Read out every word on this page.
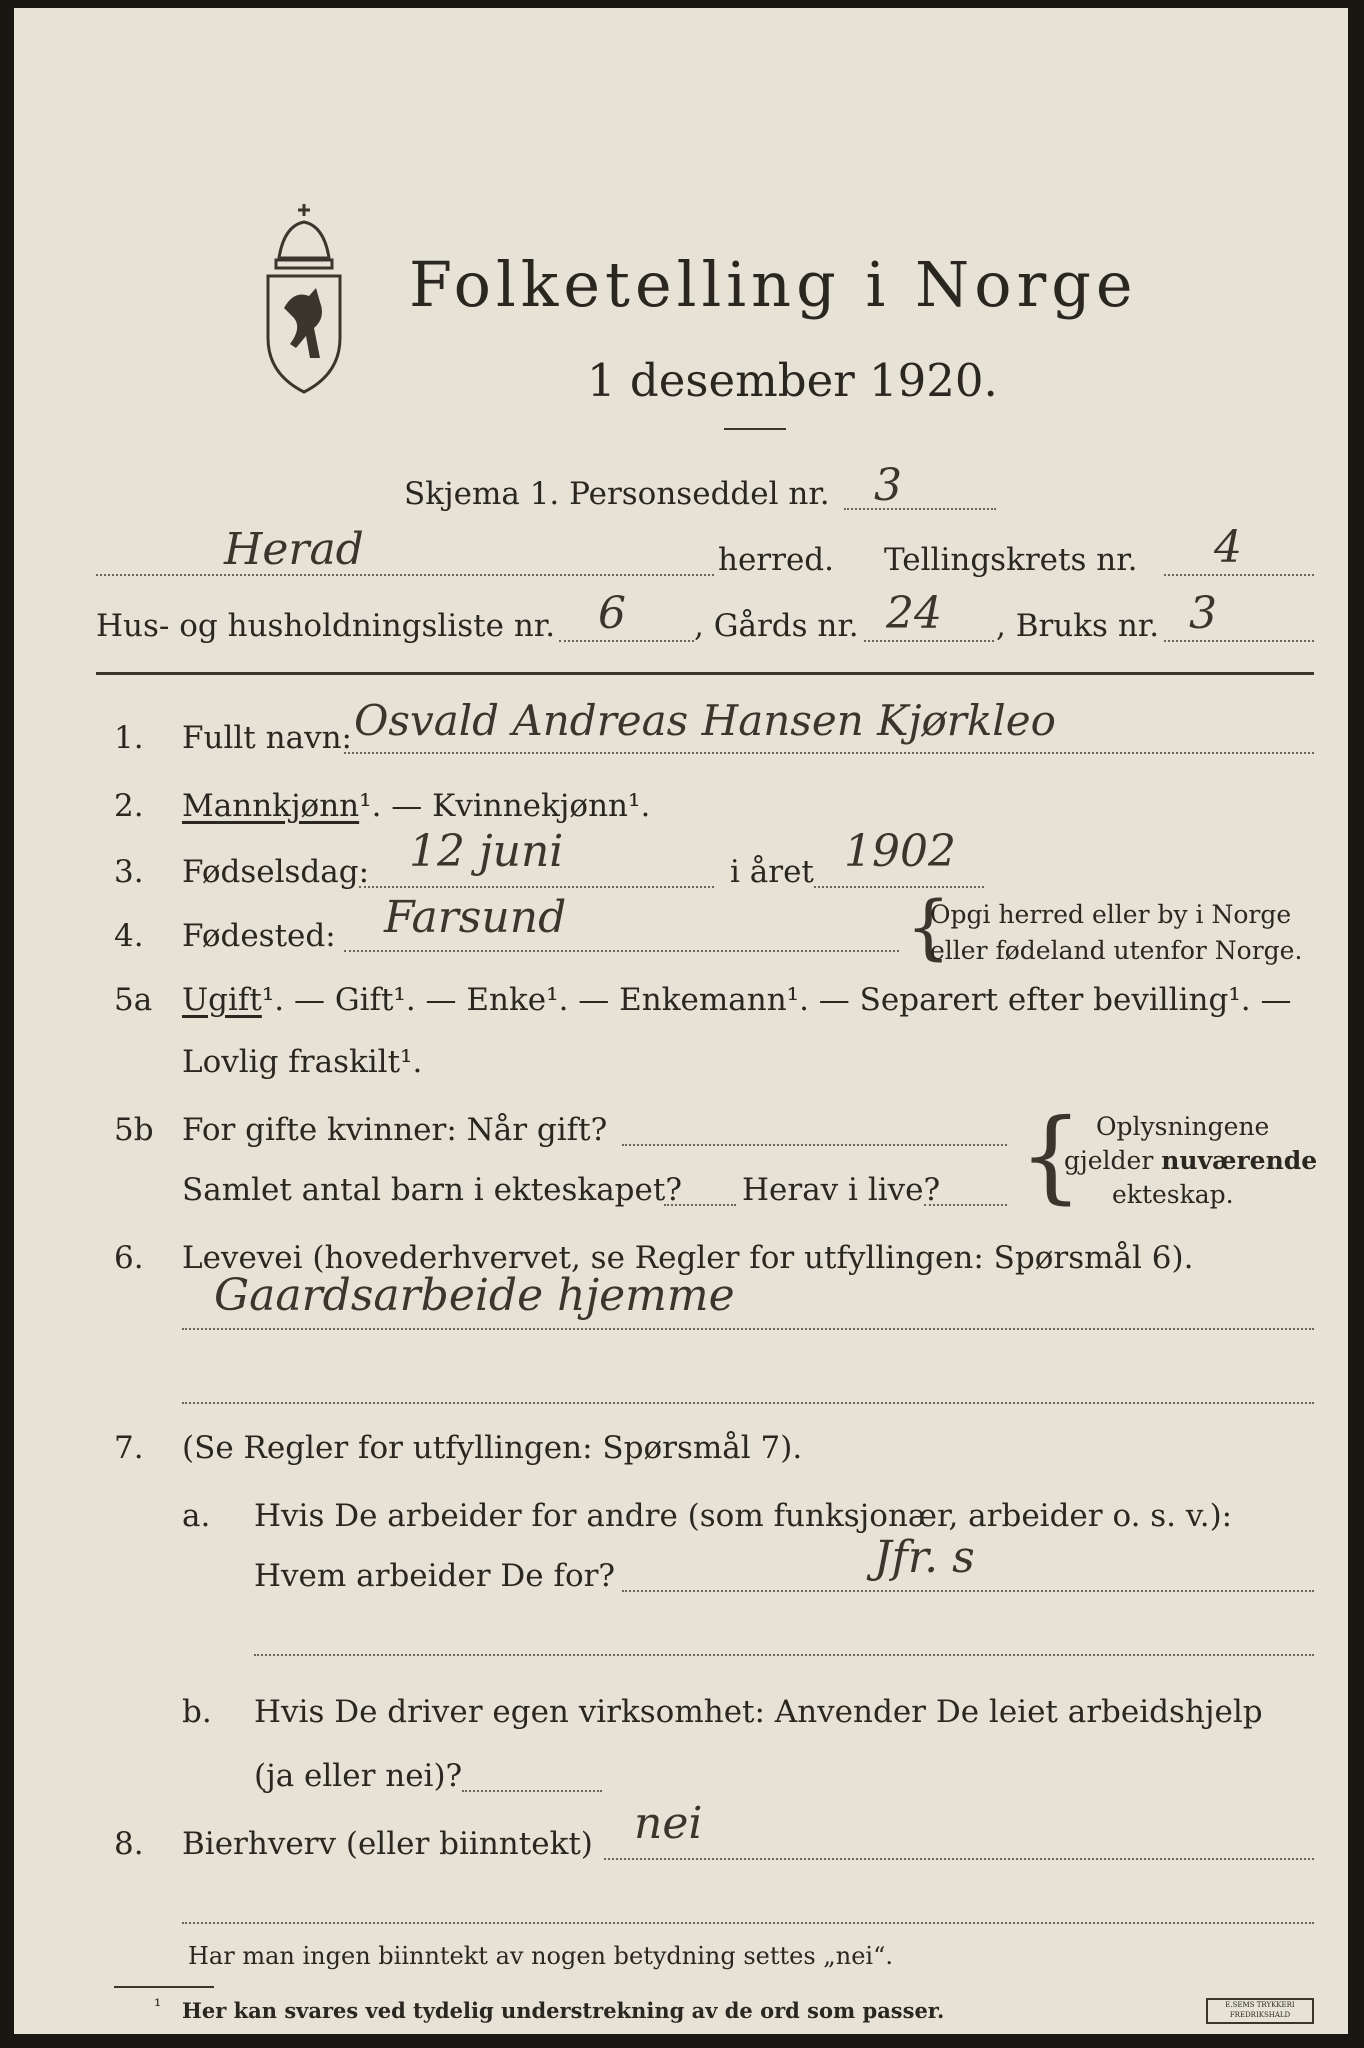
Folketelling i Norge
1 desember 1920.
Skjema 1. Personseddel nr. 3
Herad	herred. Tellingskrets nr. 4
Hus- og husholdningsliste nr. 6 , Gårds nr. 24 , Bruks nr. 3
1. Fullt navn: Osvald Andreas Hansen Kjørkleo
2. Mannkjønn¹. — Kvinnekjønn¹.
3. Fødselsdag: 12 juni	i året 1902
4. Fødested: Farsund	{
Opgi herred eller by i Norge
eller fødeland utenfor Norge.
5a Ugift¹. — Gift¹. — Enke¹. — Enkemann¹. — Separert efter bevilling¹. —
Lovlig fraskilt¹.
5b For gifte kvinner: Når gift?
Samlet antal barn i ekteskapet? Herav i live? { Oplysningene
gjelder nuværende
ekteskap.
6. Levevei (hovederhvervet, se Regler for utfyllingen: Spørsmål 6).
Gaardsarbeide hjemme
7. (Se Regler for utfyllingen: Spørsmål 7).
a. Hvis De arbeider for andre (som funksjonær, arbeider o. s. v.):
Hvem arbeider De for?	Jfr. s
b. Hvis De driver egen virksomhet: Anvender De leiet arbeidshjelp
(ja eller nei)?
8. Bierhverv (eller biinntekt) nei
Har man ingen biinntekt av nogen betydning settes „nei“.
¹ Her kan svares ved tydelig understrekning av de ord som passer.	E.SEMS TRYKKERI FREDRIKSHALD
